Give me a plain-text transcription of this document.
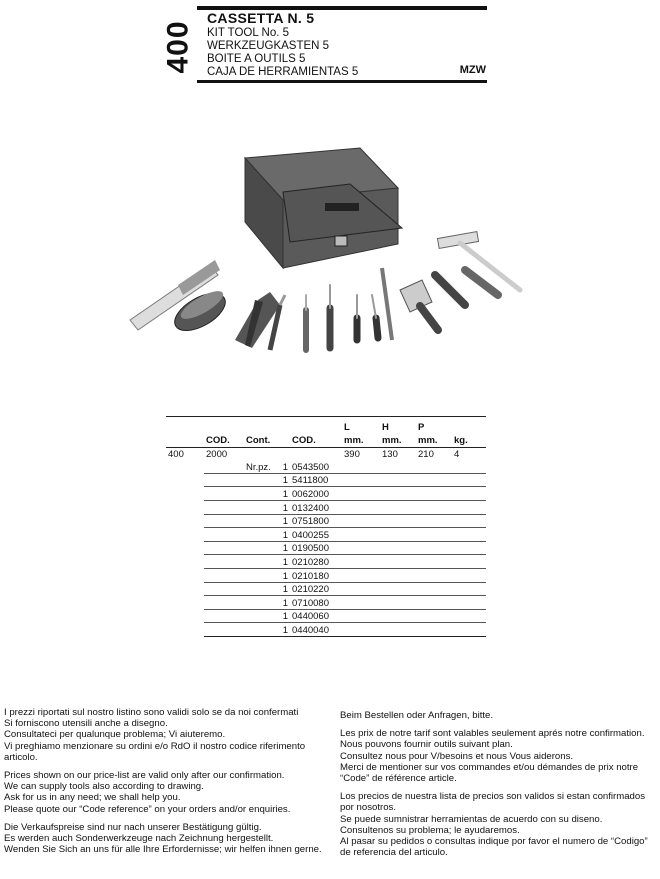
400
CASSETTA N. 5
KIT TOOL No. 5
WERKZEUGKASTEN 5
BOITE A OUTILS 5
CAJA DE HERRAMIENTAS 5	MZW
					L	H	P	
	COD.	Cont.		COD.	mm.	mm.	mm.	kg.
400	2000				390	130	210	4
		Nr.pz.	1	0543500				
			1	5411800				
			1	0062000				
			1	0132400				
			1	0751800				
			1	0400255				
			1	0190500				
			1	0210280				
			1	0210180				
			1	0210220				
			1	0710080				
			1	0440060				
			1	0440040				

I prezzi riportati sul nostro listino sono validi solo se da noi confermati
Si forniscono utensili anche a disegno.
Consultateci per qualunque problema; Vi aiuteremo.
Vi preghiamo menzionare su ordini e/o RdO il nostro codice riferimento articolo.

Prices shown on our price-list are valid only after our confirmation.
We can supply tools also according to drawing.
Ask for us in any need; we shall help you.
Please quote our “Code reference” on your orders and/or enquiries.

Die Verkaufspreise sind nur nach unserer Bestätigung gültig.
Es werden auch Sonderwerkzeuge nach Zeichnung hergestellt.
Wenden Sie Sich an uns für alle Ihre Erfordernisse; wir helfen ihnen gerne.

Beim Bestellen oder Anfragen, bitte.

Les prix de notre tarif sont valables seulement aprés notre confirmation.
Nous pouvons fournir outils suivant plan.
Consultez nous pour V/besoins et nous Vous aiderons.
Merci de mentioner sur vos commandes et/ou démandes de prix notre “Code” de référence article.

Los precios de nuestra lista de precios son validos si estan confirmados por nosotros.
Se puede sumnistrar herramientas de acuerdo con su diseno.
Consultenos su problema; le ayudaremos.
Al pasar su pedidos o consultas indique por favor el numero de “Codigo” de referencia del articulo.
